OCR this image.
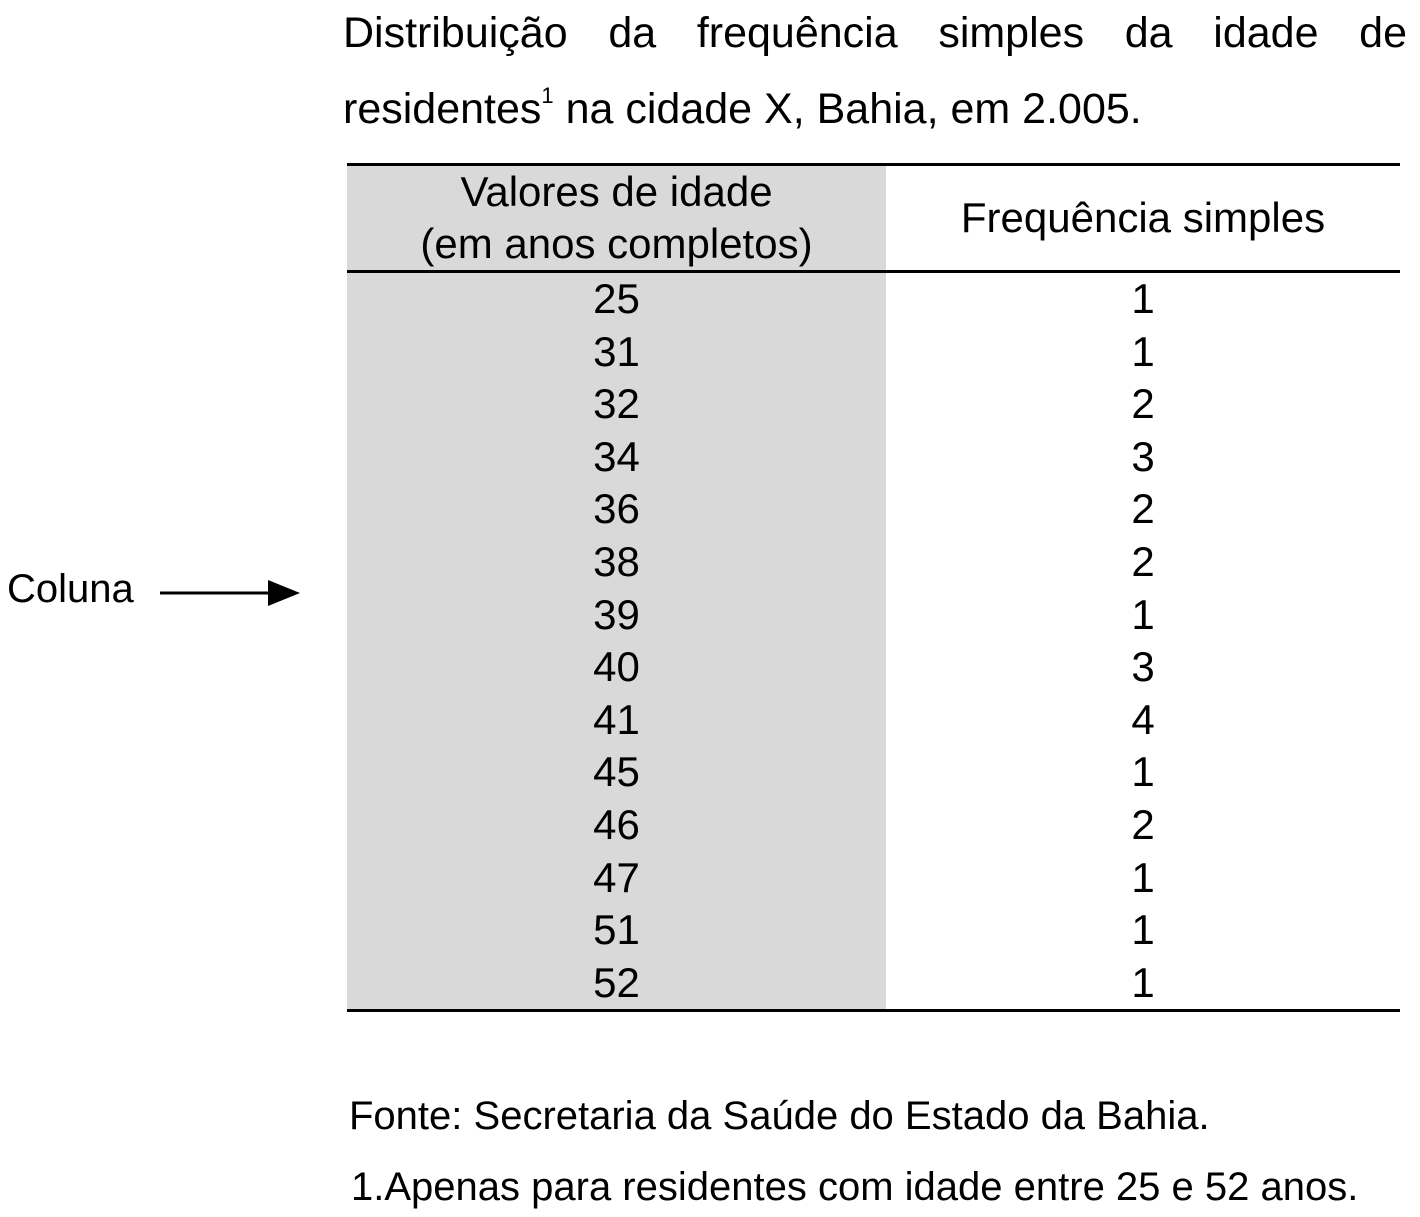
Distribuição da frequência simples da idade de
residentes$^1$ na cidade X, Bahia, em 2.005.
Valores de idade
(em anos completos)	Frequência simples
25	1
31	1
32	2
34	3
36	2
38	2
39	1
40	3
41	4
45	1
46	2
47	1
51	1
52	1
Coluna
Fonte: Secretaria da Saúde do Estado da Bahia.
1.Apenas para residentes com idade entre 25 e 52 anos.
